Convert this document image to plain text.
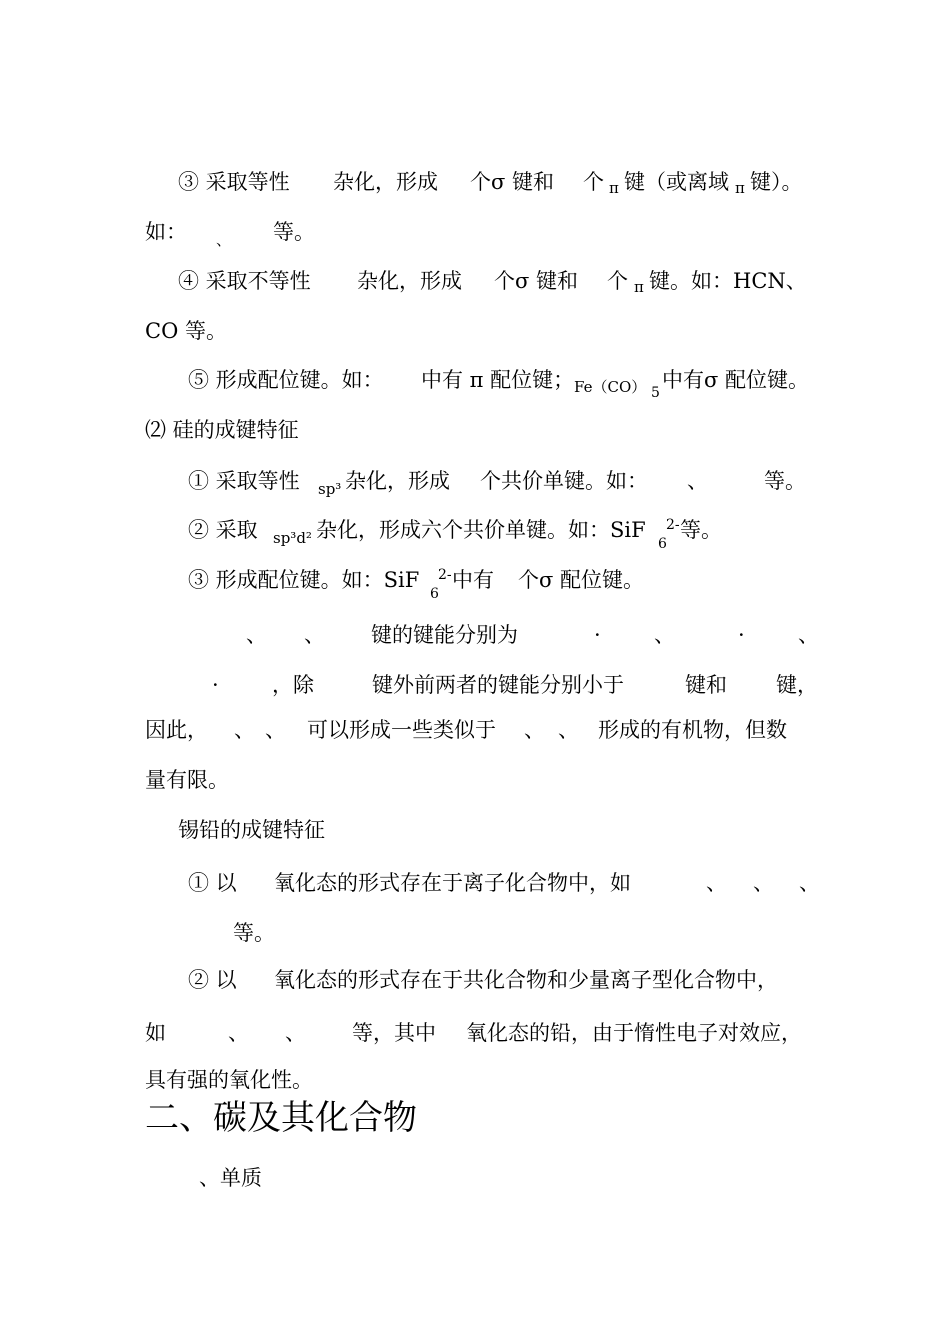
③ 采取等性 杂化，形成 个σ 键和 个 π 键（或离域 π 键）。
如： 、 等。
④ 采取不等性 杂化，形成 个σ 键和 个 π 键。如：HCN、
CO 等。
⑤ 形成配位键。如： 中有 π 配位键； Fe（CO） 5
中有σ 配位键。
⑵ 硅的成键特征
① 采取等性 sp³ 杂化，形成 个共价单键。如： 、	等。
② 采取 sp³d² 杂化，形成六个共价单键。如：SiF
6
2- 等。
③ 形成配位键。如：SiF
6
2- 中有 个σ 配位键。
、 、 键的键能分别为	·	、	·	、
·	，除	键外前两者的键能分别小于	键和 键，
因此， 、 、 可以形成一些类似于 、 、 形成的有机物，但数
量有限。
锡铅的成键特征
① 以 氧化态的形式存在于离子化合物中，如	、 、 、
等。
② 以 氧化态的形式存在于共化合物和少量离子型化合物中，
如	、 、 等，其中 氧化态的铅，由于惰性电子对效应，
具有强的氧化性。
二、碳及其化合物
、单质
